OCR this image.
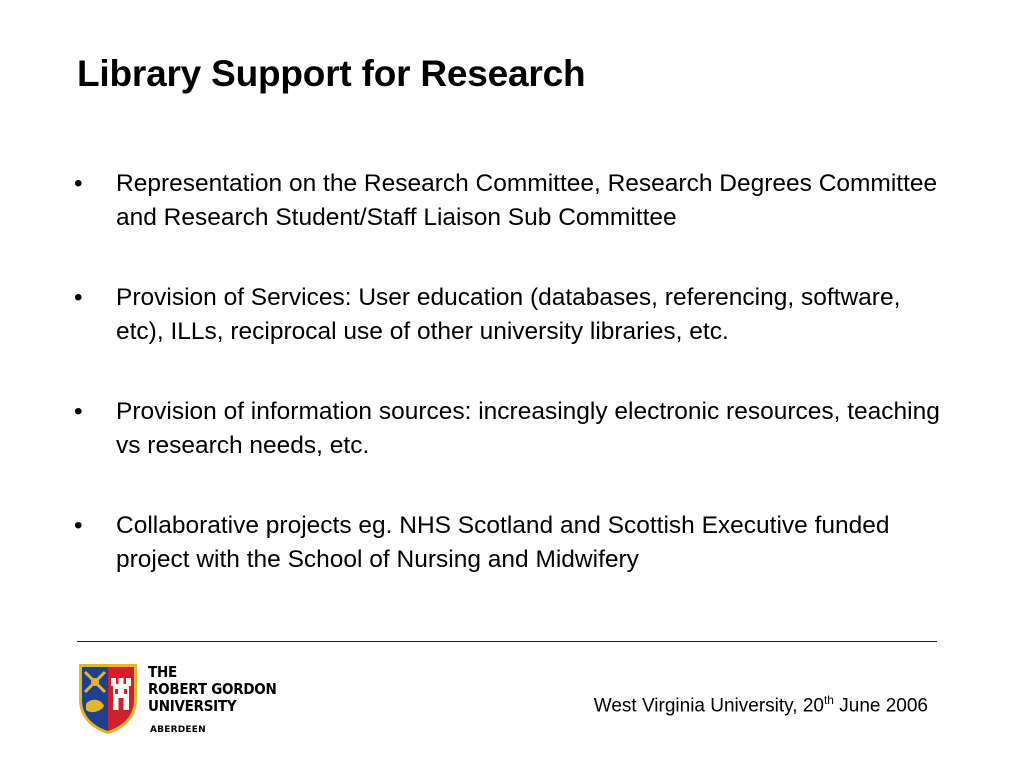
Library Support for Research
•	Representation on the Research Committee, Research Degrees Committee and Research Student/Staff Liaison Sub Committee
•	Provision of Services: User education (databases, referencing, software, etc), ILLs, reciprocal use of other university libraries, etc.
•	Provision of information sources: increasingly electronic resources, teaching vs research needs, etc.
•	Collaborative projects eg. NHS Scotland and Scottish Executive funded project with the School of Nursing and Midwifery
THE
ROBERT GORDON
UNIVERSITY
ABERDEEN
West Virginia University, 20th June 2006
